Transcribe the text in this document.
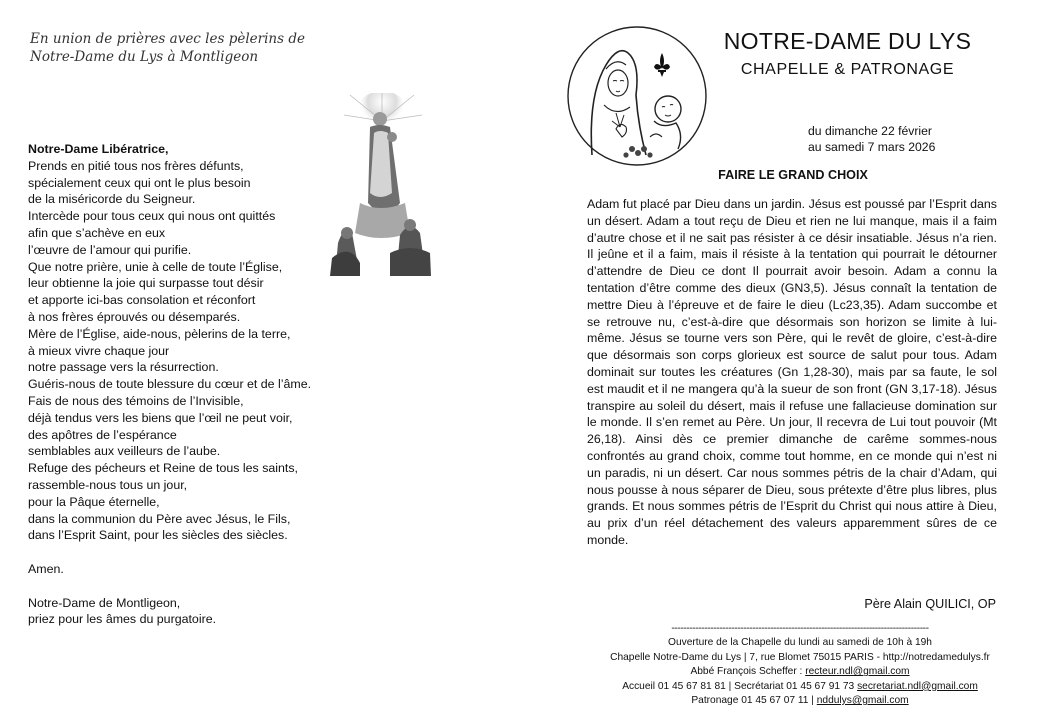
En union de prières avec les pèlerins de
Notre-Dame du Lys à Montligeon
Notre-Dame Libératrice,
Prends en pitié tous nos frères défunts,
spécialement ceux qui ont le plus besoin
de la miséricorde du Seigneur.
Intercède pour tous ceux qui nous ont quittés
afin que s’achève en eux
l’œuvre de l’amour qui purifie.
Que notre prière, unie à celle de toute l’Église,
leur obtienne la joie qui surpasse tout désir
et apporte ici-bas consolation et réconfort
à nos frères éprouvés ou désemparés.
Mère de l’Église, aide-nous, pèlerins de la terre,
à mieux vivre chaque jour
notre passage vers la résurrection.
Guéris-nous de toute blessure du cœur et de l’âme.
Fais de nous des témoins de l’Invisible,
déjà tendus vers les biens que l’œil ne peut voir,
des apôtres de l’espérance
semblables aux veilleurs de l’aube.
Refuge des pécheurs et Reine de tous les saints,
rassemble-nous tous un jour,
pour la Pâque éternelle,
dans la communion du Père avec Jésus, le Fils,
dans l’Esprit Saint, pour les siècles des siècles.
Amen.
Notre-Dame de Montligeon,
priez pour les âmes du purgatoire.
NOTRE-DAME DU LYS
CHAPELLE & PATRONAGE
du dimanche 22 février
au samedi 7 mars 2026
FAIRE LE GRAND CHOIX
Adam fut placé par Dieu dans un jardin. Jésus est poussé par l’Esprit dans un désert. Adam a tout reçu de Dieu et rien ne lui manque, mais il a faim d’autre chose et il ne sait pas résister à ce désir insatiable. Jésus n’a rien. Il jeûne et il a faim, mais il résiste à la tentation qui pourrait le détourner d’attendre de Dieu ce dont Il pourrait avoir besoin. Adam a connu la tentation d’être comme des dieux (GN3,5). Jésus connaît la tentation de mettre Dieu à l’épreuve et de faire le dieu (Lc23,35). Adam succombe et se retrouve nu, c’est-à-dire que désormais son horizon se limite à lui-même. Jésus se tourne vers son Père, qui le revêt de gloire, c’est-à-dire que désormais son corps glorieux est source de salut pour tous. Adam dominait sur toutes les créatures (Gn 1,28-30), mais par sa faute, le sol est maudit et il ne mangera qu’à la sueur de son front (GN 3,17-18). Jésus transpire au soleil du désert, mais il refuse une fallacieuse domination sur le monde. Il s’en remet au Père. Un jour, Il recevra de Lui tout pouvoir (Mt 26,18). Ainsi dès ce premier dimanche de carême sommes-nous confrontés au grand choix, comme tout homme, en ce monde qui n’est ni un paradis, ni un désert. Car nous sommes pétris de la chair d’Adam, qui nous pousse à nous séparer de Dieu, sous prétexte d’être plus libres, plus grands. Et nous sommes pétris de l’Esprit du Christ qui nous attire à Dieu, au prix d’un réel détachement des valeurs apparemment sûres de ce monde.
Père Alain QUILICI, OP
--------------------------------------------------------------------------------------
Ouverture de la Chapelle du lundi au samedi de 10h à 19h
Chapelle Notre-Dame du Lys | 7, rue Blomet 75015 PARIS - http://notredamedulys.fr
Abbé François Scheffer : recteur.ndl@gmail.com
Accueil 01 45 67 81 81 | Secrétariat 01 45 67 91 73 secretariat.ndl@gmail.com
Patronage 01 45 67 07 11 | nddulys@gmail.com
